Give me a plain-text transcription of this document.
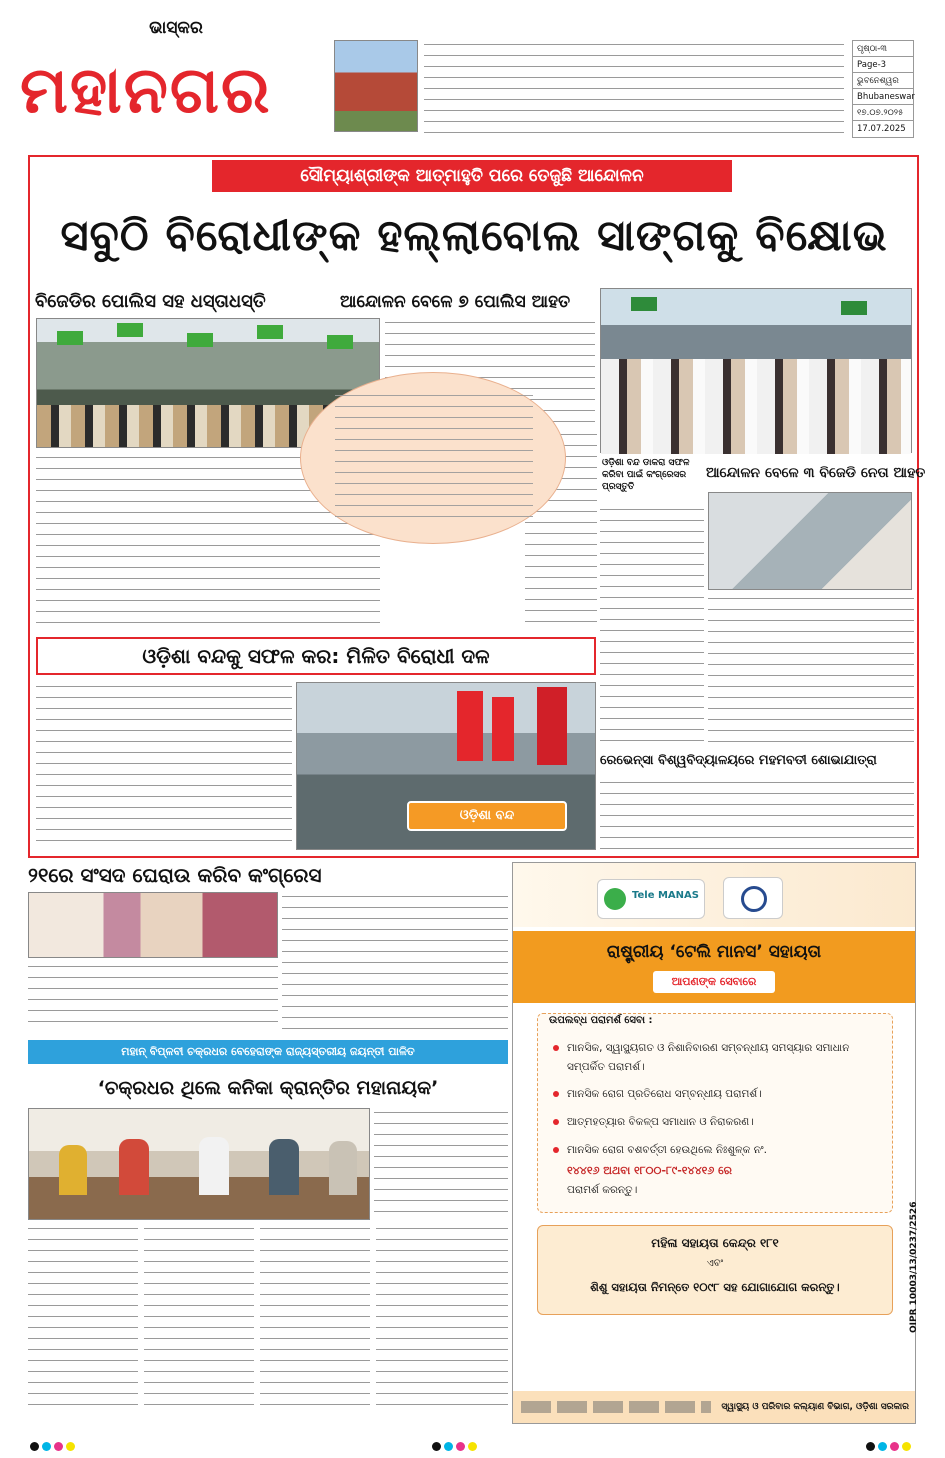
ଭାସ୍କର
ମହାନଗର
ପୃଷ୍ଠା-୩
Page-3
ଭୁବନେଶ୍ୱର
Bhubaneswar
୧୭.୦୭.୨୦୨୫
17.07.2025
ସୌମ୍ୟାଶ୍ରୀଙ୍କ ଆତ୍ମାହୁତି ପରେ ତେଜୁଛି ଆନ୍ଦୋଳନ
ସବୁଠି ବିରୋଧୀଙ୍କ ହଲ୍ଲାବୋଲ ସାଙ୍ଗକୁ ବିକ୍ଷୋଭ
ବିଜେଡିର ପୋଲିସ ସହ ଧସ୍ତାଧସ୍ତି	ଆନ୍ଦୋଳନ ବେଳେ ୭ ପୋଲିସ ଆହତ
ଓଡ଼ିଶା ବନ୍ଦ ଡାକରା ସଫଳ କରିବା ପାଇଁ କଂଗ୍ରେସର ପ୍ରସ୍ତୁତି
ଆନ୍ଦୋଳନ ବେଳେ ୩ ବିଜେଡି ନେତା ଆହତ
ଓଡ଼ିଶା ବନ୍ଦକୁ ସଫଳ କର: ମିଳିତ ବିରୋଧୀ ଦଳ
ଓଡ଼ିଶା ବନ୍ଦ
ରେଭେନ୍ସା ବିଶ୍ୱବିଦ୍ୟାଳୟରେ ମହମବତୀ ଶୋଭାଯାତ୍ରା
୨୧ରେ ସଂସଦ ଘେରାଉ କରିବ କଂଗ୍ରେସ
ମହାନ୍ ବିପ୍ଳବୀ ଚକ୍ରଧର ବେହେରାଙ୍କ ରାଜ୍ୟସ୍ତରୀୟ ଜୟନ୍ତୀ ପାଳିତ
‘ଚକ୍ରଧର ଥିଲେ କନିକା କ୍ରାନ୍ତିର ମହାନାୟକ’
Tele MANAS
ରାଷ୍ଟ୍ରୀୟ ‘ଟେଲି ମାନସ’ ସହାୟତା
ଆପଣଙ୍କ ସେବାରେ
ଉପଲବ୍ଧ ପରାମର୍ଶ ସେବା :
ମାନସିକ, ସ୍ୱାସ୍ଥ୍ୟଗତ ଓ ନିଶାନିବାରଣ ସମ୍ବନ୍ଧୀୟ ସମସ୍ୟାର ସମାଧାନ ସମ୍ପର୍କିତ ପରାମର୍ଶ।
ମାନସିକ ରୋଗ ପ୍ରତିରୋଧ ସମ୍ବନ୍ଧୀୟ ପରାମର୍ଶ।
ଆତ୍ମହତ୍ୟାର ବିକଳ୍ପ ସମାଧାନ ଓ ନିରାକରଣ।
ମାନସିକ ରୋଗ ବଶବର୍ତ୍ତୀ ହେଉଥିଲେ ନିଃଶୁଳ୍କ ନଂ.
୧୪୪୧୬ ଅଥବା ୧୮୦୦-୮୯-୧୪୪୧୬ ରେ
ପରାମର୍ଶ କରନ୍ତୁ।
ମହିଳା ସହାୟତା କେନ୍ଦ୍ର ୧୮୧
ଏବଂ
ଶିଶୁ ସହାୟତା ନିମନ୍ତେ ୧୦୯୮ ସହ ଯୋଗାଯୋଗ କରନ୍ତୁ।	OIPR 10003/13/0237/2526
ସ୍ୱାସ୍ଥ୍ୟ ଓ ପରିବାର କଲ୍ୟାଣ ବିଭାଗ, ଓଡ଼ିଶା ସରକାର
